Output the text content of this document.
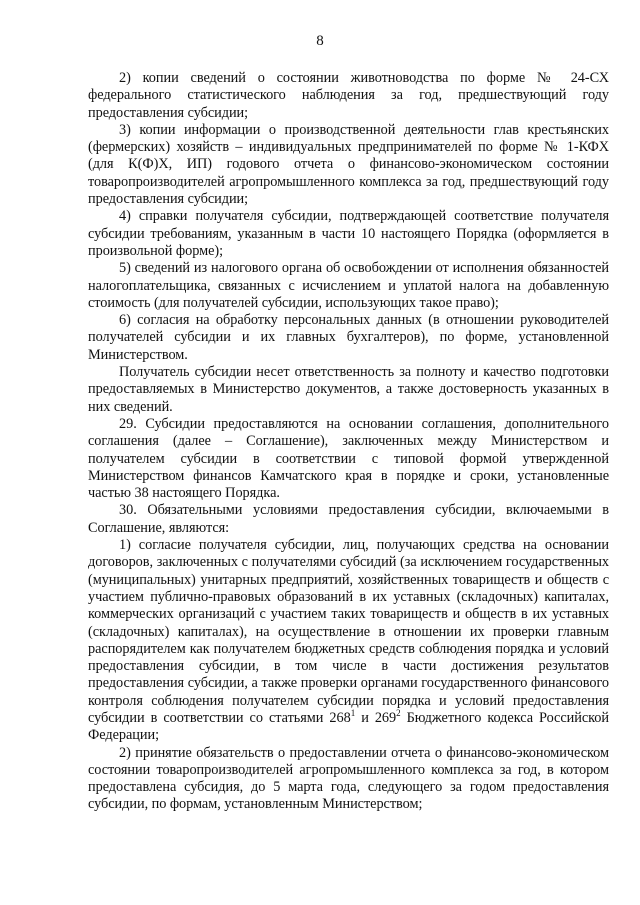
8

2) копии сведений о состоянии животноводства по форме № 24-СХ федерального статистического наблюдения за год, предшествующий году предоставления субсидии;

3) копии информации о производственной деятельности глав крестьянских (фермерских) хозяйств – индивидуальных предпринимателей по форме № 1-КФХ (для К(Ф)Х, ИП) годового отчета о финансово-экономическом состоянии товаропроизводителей агропромышленного комплекса за год, предшествующий году предоставления субсидии;

4) справки получателя субсидии, подтверждающей соответствие получателя субсидии требованиям, указанным в части 10 настоящего Порядка (оформляется в произвольной форме);

5) сведений из налогового органа об освобождении от исполнения обязанностей налогоплательщика, связанных с исчислением и уплатой налога на добавленную стоимость (для получателей субсидии, использующих такое право);

6) согласия на обработку персональных данных (в отношении руководителей получателей субсидии и их главных бухгалтеров), по форме, установленной Министерством.

Получатель субсидии несет ответственность за полноту и качество подготовки предоставляемых в Министерство документов, а также достоверность указанных в них сведений.

29. Субсидии предоставляются на основании соглашения, дополнительного соглашения (далее – Соглашение), заключенных между Министерством и получателем субсидии в соответствии с типовой формой утвержденной Министерством финансов Камчатского края в порядке и сроки, установленные частью 38 настоящего Порядка.

30. Обязательными условиями предоставления субсидии, включаемыми в Соглашение, являются:

1) согласие получателя субсидии, лиц, получающих средства на основании договоров, заключенных с получателями субсидий (за исключением государственных (муниципальных) унитарных предприятий, хозяйственных товариществ и обществ с участием публично-правовых образований в их уставных (складочных) капиталах, коммерческих организаций с участием таких товариществ и обществ в их уставных (складочных) капиталах), на осуществление в отношении их проверки главным распорядителем как получателем бюджетных средств соблюдения порядка и условий предоставления субсидии, в том числе в части достижения результатов предоставления субсидии, а также проверки органами государственного финансового контроля соблюдения получателем субсидии порядка и условий предоставления субсидии в соответствии со статьями $268^1$ и $269^2$ Бюджетного кодекса Российской Федерации;

2) принятие обязательств о предоставлении отчета о финансово-экономическом состоянии товаропроизводителей агропромышленного комплекса за год, в котором предоставлена субсидия, до 5 марта года, следующего за годом предоставления субсидии, по формам, установленным Министерством;
